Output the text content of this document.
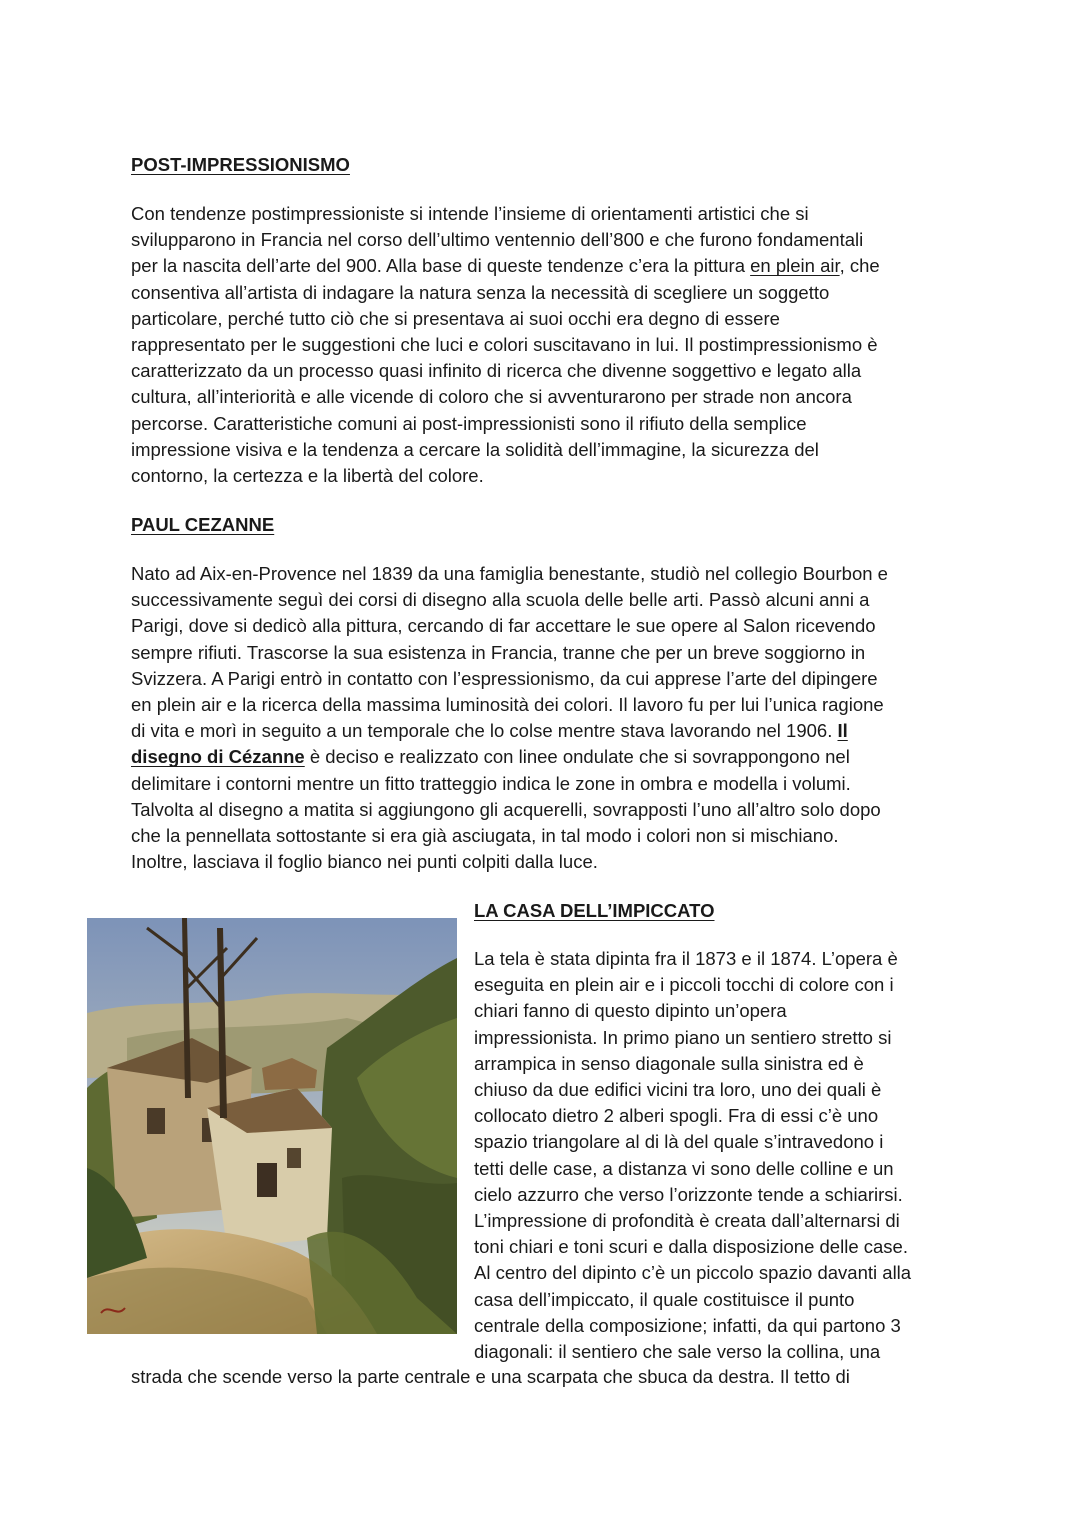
POST-IMPRESSIONISMO
Con tendenze postimpressioniste si intende l’insieme di orientamenti artistici che si
svilupparono in Francia nel corso dell’ultimo ventennio dell’800 e che furono fondamentali
per la nascita dell’arte del 900. Alla base di queste tendenze c’era la pittura en plein air, che
consentiva all’artista di indagare la natura senza la necessità di scegliere un soggetto
particolare, perché tutto ciò che si presentava ai suoi occhi era degno di essere
rappresentato per le suggestioni che luci e colori suscitavano in lui. Il postimpressionismo è
caratterizzato da un processo quasi infinito di ricerca che divenne soggettivo e legato alla
cultura, all’interiorità e alle vicende di coloro che si avventurarono per strade non ancora
percorse. Caratteristiche comuni ai post-impressionisti sono il rifiuto della semplice
impressione visiva e la tendenza a cercare la solidità dell’immagine, la sicurezza del
contorno, la certezza e la libertà del colore.
PAUL CEZANNE
Nato ad Aix-en-Provence nel 1839 da una famiglia benestante, studiò nel collegio Bourbon e
successivamente seguì dei corsi di disegno alla scuola delle belle arti. Passò alcuni anni a
Parigi, dove si dedicò alla pittura, cercando di far accettare le sue opere al Salon ricevendo
sempre rifiuti. Trascorse la sua esistenza in Francia, tranne che per un breve soggiorno in
Svizzera. A Parigi entrò in contatto con l’espressionismo, da cui apprese l’arte del dipingere
en plein air e la ricerca della massima luminosità dei colori. Il lavoro fu per lui l’unica ragione
di vita e morì in seguito a un temporale che lo colse mentre stava lavorando nel 1906. Il
disegno di Cézanne è deciso e realizzato con linee ondulate che si sovrappongono nel
delimitare i contorni mentre un fitto tratteggio indica le zone in ombra e modella i volumi.
Talvolta al disegno a matita si aggiungono gli acquerelli, sovrapposti l’uno all’altro solo dopo
che la pennellata sottostante si era già asciugata, in tal modo i colori non si mischiano.
Inoltre, lasciava il foglio bianco nei punti colpiti dalla luce.
LA CASA DELL’IMPICCATO
La tela è stata dipinta fra il 1873 e il 1874. L’opera è
eseguita en plein air e i piccoli tocchi di colore con i
chiari fanno di questo dipinto un’opera
impressionista. In primo piano un sentiero stretto si
arrampica in senso diagonale sulla sinistra ed è
chiuso da due edifici vicini tra loro, uno dei quali è
collocato dietro 2 alberi spogli. Fra di essi c’è uno
spazio triangolare al di là del quale s’intravedono i
tetti delle case, a distanza vi sono delle colline e un
cielo azzurro che verso l’orizzonte tende a schiarirsi.
L’impressione di profondità è creata dall’alternarsi di
toni chiari e toni scuri e dalla disposizione delle case.
Al centro del dipinto c’è un piccolo spazio davanti alla
casa dell’impiccato, il quale costituisce il punto
centrale della composizione; infatti, da qui partono 3
diagonali: il sentiero che sale verso la collina, una
strada che scende verso la parte centrale e una scarpata che sbuca da destra. Il tetto di
